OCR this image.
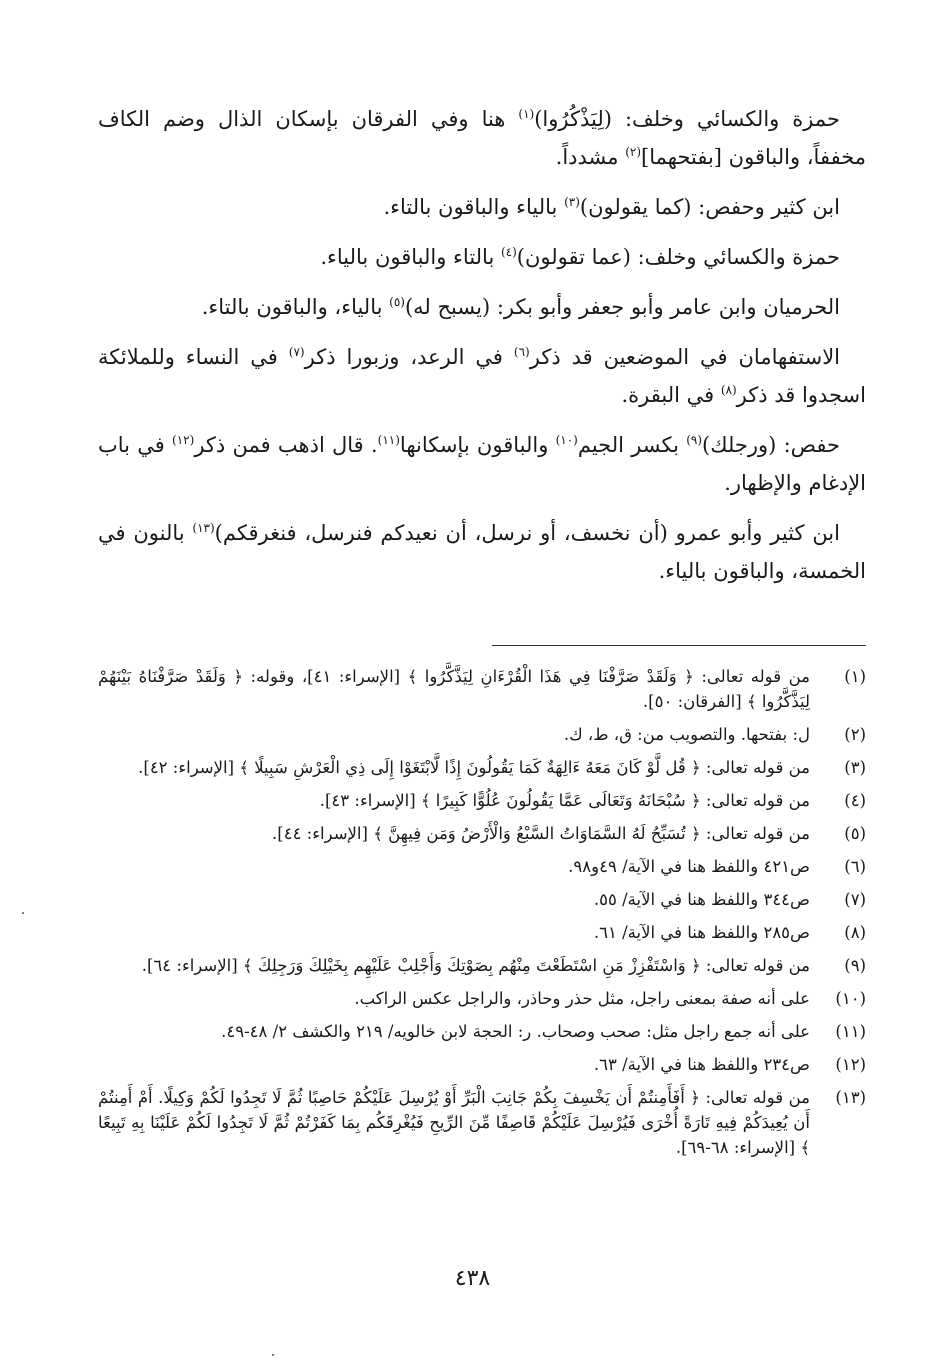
حمزة والكسائي وخلف: (لِيَذْكُرُوا)$^{(١)}$ هنا وفي الفرقان بإسكان الذال وضم الكاف مخففاً، والباقون [بفتحهما]$^{(٢)}$ مشدداً.

ابن كثير وحفص: (كما يقولون)$^{(٣)}$ بالياء والباقون بالتاء.

حمزة والكسائي وخلف: (عما تقولون)$^{(٤)}$ بالتاء والباقون بالياء.

الحرميان وابن عامر وأبو جعفر وأبو بكر: (يسبح له)$^{(٥)}$ بالياء، والباقون بالتاء.

الاستفهامان في الموضعين قد ذكر$^{(٦)}$ في الرعد، وزبورا ذكر$^{(٧)}$ في النساء وللملائكة اسجدوا قد ذكر$^{(٨)}$ في البقرة.

حفص: (ورجلك)$^{(٩)}$ بكسر الجيم$^{(١٠)}$ والباقون بإسكانها$^{(١١)}$. قال اذهب فمن ذكر$^{(١٢)}$ في باب الإدغام والإظهار.

ابن كثير وأبو عمرو (أن نخسف، أو نرسل، أن نعيدكم فنرسل، فنغرقكم)$^{(١٣)}$ بالنون في الخمسة، والباقون بالياء.

(١)
من قوله تعالى: ﴿ وَلَقَدْ صَرَّفْنَا فِي هَذَا الْقُرْءَانِ لِيَذَّكَّرُوا ﴾ [الإسراء: ٤١]، وقوله: ﴿ وَلَقَدْ صَرَّفْنَاهُ بَيْنَهُمْ لِيَذَّكَّرُوا ﴾ [الفرقان: ٥٠].
(٢)
ل: بفتحها. والتصويب من: ق، ط، ك.
(٣)
من قوله تعالى: ﴿ قُل لَّوْ كَانَ مَعَهُ ءَالِهَةٌ كَمَا يَقُولُونَ إِذًا لَّابْتَغَوْا إِلَى ذِي الْعَرْشِ سَبِيلًا ﴾ [الإسراء: ٤٢].
(٤)
من قوله تعالى: ﴿ سُبْحَانَهُ وَتَعَالَى عَمَّا يَقُولُونَ عُلُوًّا كَبِيرًا ﴾ [الإسراء: ٤٣].
(٥)
من قوله تعالى: ﴿ تُسَبِّحُ لَهُ السَّمَاوَاتُ السَّبْعُ وَالْأَرْضُ وَمَن فِيهِنَّ ﴾ [الإسراء: ٤٤].
(٦)
ص٤٢١ واللفظ هنا في الآية/ ٤٩و٩٨.
(٧)
ص٣٤٤ واللفظ هنا في الآية/ ٥٥.
(٨)
ص٢٨٥ واللفظ هنا في الآية/ ٦١.
(٩)
من قوله تعالى: ﴿ وَاسْتَفْزِزْ مَنِ اسْتَطَعْتَ مِنْهُم بِصَوْتِكَ وَأَجْلِبْ عَلَيْهِم بِخَيْلِكَ وَرَجِلِكَ ﴾ [الإسراء: ٦٤].
(١٠)
على أنه صفة بمعنى راجل، مثل حذر وحاذر، والراجل عكس الراكب.
(١١)
على أنه جمع راجل مثل: صحب وصحاب. ر: الحجة لابن خالويه/ ٢١٩ والكشف ٢/ ٤٨-٤٩.
(١٢)
ص٢٣٤ واللفظ هنا في الآية/ ٦٣.
(١٣)
من قوله تعالى: ﴿ أَفَأَمِنتُمْ أَن يَخْسِفَ بِكُمْ جَانِبَ الْبَرِّ أَوْ يُرْسِلَ عَلَيْكُمْ حَاصِبًا ثُمَّ لَا تَجِدُوا لَكُمْ وَكِيلًا. أَمْ أَمِنتُمْ أَن يُعِيدَكُمْ فِيهِ تَارَةً أُخْرَى فَيُرْسِلَ عَلَيْكُمْ قَاصِفًا مِّنَ الرِّيحِ فَيُغْرِقَكُم بِمَا كَفَرْتُمْ ثُمَّ لَا تَجِدُوا لَكُمْ عَلَيْنَا بِهِ تَبِيعًا ﴾ [الإسراء: ٦٨-٦٩].
٤٣٨
